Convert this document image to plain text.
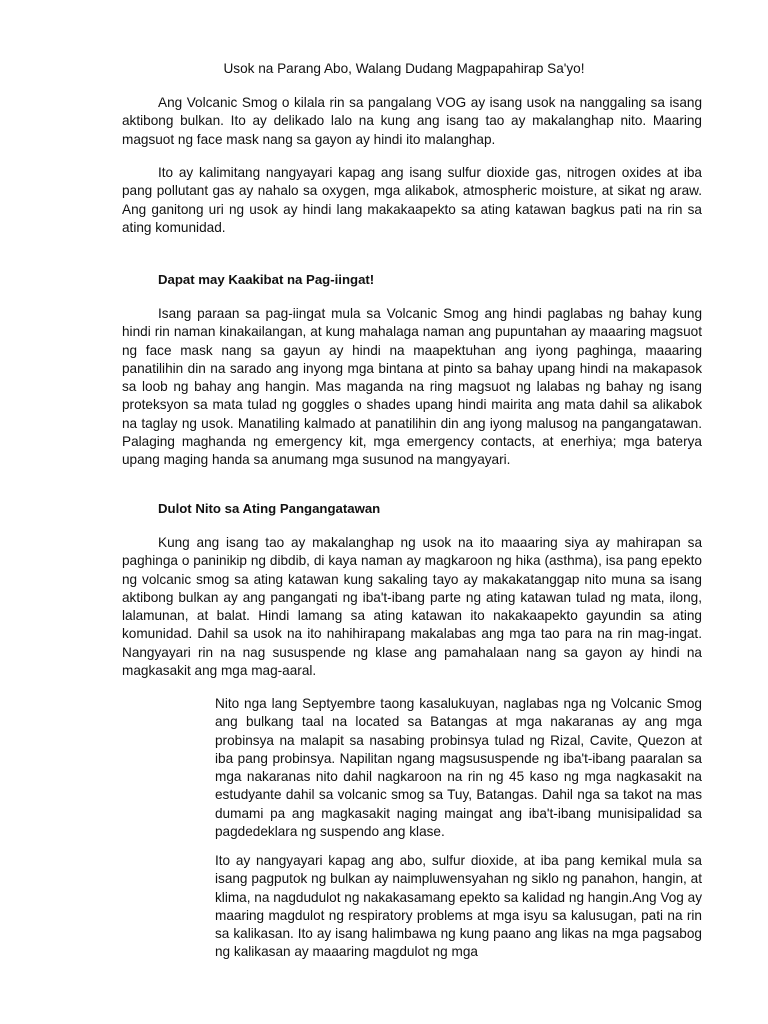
Usok na Parang Abo, Walang Dudang Magpapahirap Sa'yo!

Ang Volcanic Smog o kilala rin sa pangalang VOG ay isang usok na nanggaling sa isang aktibong bulkan. Ito ay delikado lalo na kung ang isang tao ay makalanghap nito. Maaring magsuot ng face mask nang sa gayon ay hindi ito malanghap.

Ito ay kalimitang nangyayari kapag ang isang sulfur dioxide gas, nitrogen oxides at iba pang pollutant gas ay nahalo sa oxygen, mga alikabok, atmospheric moisture, at sikat ng araw. Ang ganitong uri ng usok ay hindi lang makakaapekto sa ating katawan bagkus pati na rin sa ating komunidad.

Dapat may Kaakibat na Pag-iingat!

Isang paraan sa pag-iingat mula sa Volcanic Smog ang hindi paglabas ng bahay kung hindi rin naman kinakailangan, at kung mahalaga naman ang pupuntahan ay maaaring magsuot ng face mask nang sa gayun ay hindi na maapektuhan ang iyong paghinga, maaaring panatilihin din na sarado ang inyong mga bintana at pinto sa bahay upang hindi na makapasok sa loob ng bahay ang hangin. Mas maganda na ring magsuot ng lalabas ng bahay ng isang proteksyon sa mata tulad ng goggles o shades upang hindi mairita ang mata dahil sa alikabok na taglay ng usok. Manatiling kalmado at panatilihin din ang iyong malusog na pangangatawan. Palaging maghanda ng emergency kit, mga emergency contacts, at enerhiya; mga baterya upang maging handa sa anumang mga susunod na mangyayari.

Dulot Nito sa Ating Pangangatawan

Kung ang isang tao ay makalanghap ng usok na ito maaaring siya ay mahirapan sa paghinga o paninikip ng dibdib, di kaya naman ay magkaroon ng hika (asthma), isa pang epekto ng volcanic smog sa ating katawan kung sakaling tayo ay makakatanggap nito muna sa isang aktibong bulkan ay ang pangangati ng iba't-ibang parte ng ating katawan tulad ng mata, ilong, lalamunan, at balat. Hindi lamang sa ating katawan ito nakakaapekto gayundin sa ating komunidad. Dahil sa usok na ito nahihirapang makalabas ang mga tao para na rin mag-ingat. Nangyayari rin na nag sususpende ng klase ang pamahalaan nang sa gayon ay hindi na magkasakit ang mga mag-aaral.

Nito nga lang Septyembre taong kasalukuyan, naglabas nga ng Volcanic Smog ang bulkang taal na located sa Batangas at mga nakaranas ay ang mga probinsya na malapit sa nasabing probinsya tulad ng Rizal, Cavite, Quezon at iba pang probinsya. Napilitan ngang magsususpende ng iba't-ibang paaralan sa mga nakaranas nito dahil nagkaroon na rin ng 45 kaso ng mga nagkasakit na estudyante dahil sa volcanic smog sa Tuy, Batangas. Dahil nga sa takot na mas dumami pa ang magkasakit naging maingat ang iba't-ibang munisipalidad sa pagdedeklara ng suspendo ang klase.

Ito ay nangyayari kapag ang abo, sulfur dioxide, at iba pang kemikal mula sa isang pagputok ng bulkan ay naimpluwensyahan ng siklo ng panahon, hangin, at klima, na nagdudulot ng nakakasamang epekto sa kalidad ng hangin.Ang Vog ay maaring magdulot ng respiratory problems at mga isyu sa kalusugan, pati na rin sa kalikasan. Ito ay isang halimbawa ng kung paano ang likas na mga pagsabog ng kalikasan ay maaaring magdulot ng mga
